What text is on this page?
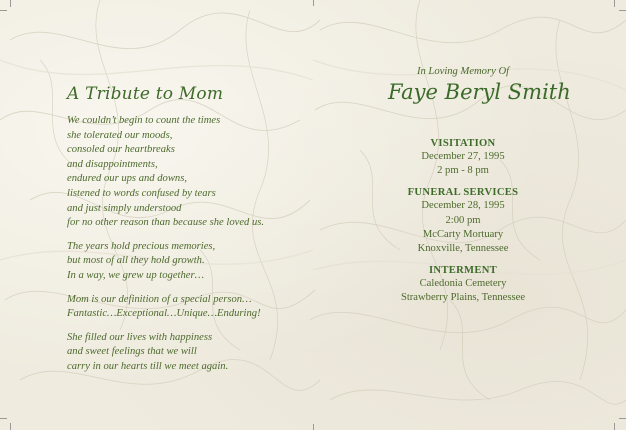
A Tribute to Mom
We couldn’t begin to count the times
she tolerated our moods,
consoled our heartbreaks
and disappointments,
endured our ups and downs,
listened to words confused by tears
and just simply understood
for no other reason than because she loved us.
The years hold precious memories,
but most of all they hold growth.
In a way, we grew up together…
Mom is our definition of a special person…
Fantastic…Exceptional…Unique…Enduring!
She filled our lives with happiness
and sweet feelings that we will
carry in our hearts till we meet again.
In Loving Memory Of
Faye Beryl Smith
VISITATION
December 27, 1995
2 pm - 8 pm
FUNERAL SERVICES
December 28, 1995
2:00 pm
McCarty Mortuary
Knoxville, Tennessee
INTERMENT
Caledonia Cemetery
Strawberry Plains, Tennessee
